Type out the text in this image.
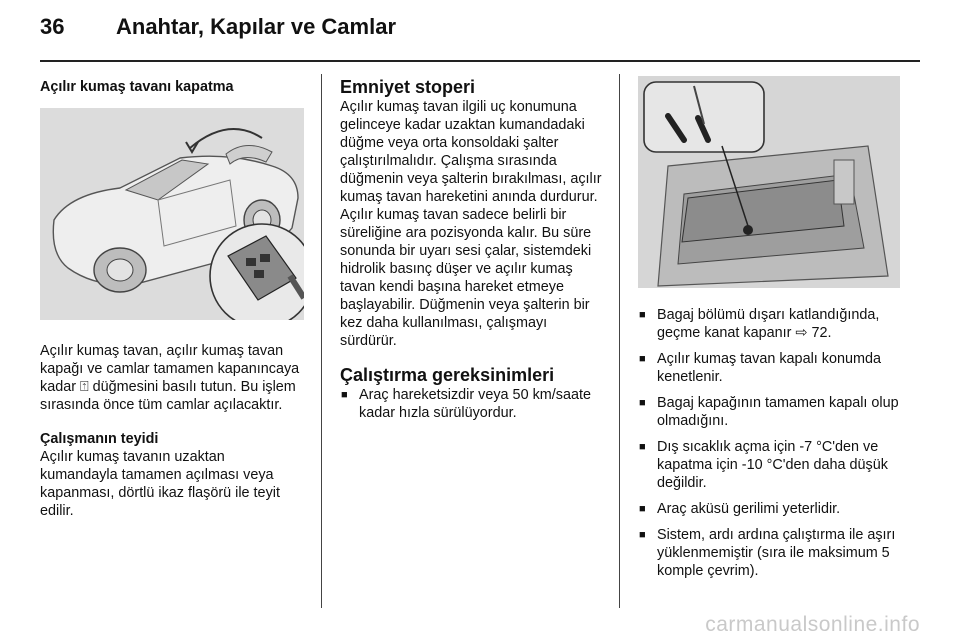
36 Anahtar, Kapılar ve Camlar

Açılır kumaş tavanı kapatma

Açılır kumaş tavan, açılır kumaş tavan kapağı ve camlar tamamen kapanıncaya kadar ⍐ düğmesini basılı tutun. Bu işlem sırasında önce tüm camlar açılacaktır.

Çalışmanın teyidi

Açılır kumaş tavanın uzaktan kumandayla tamamen açılması veya kapanması, dörtlü ikaz flaşörü ile teyit edilir.

Emniyet stoperi

Açılır kumaş tavan ilgili uç konumuna gelinceye kadar uzaktan kumandadaki düğme veya orta konsoldaki şalter çalıştırılmalıdır. Çalışma sırasında düğmenin veya şalterin bırakılması, açılır kumaş tavan hareketini anında durdurur. Açılır kumaş tavan sadece belirli bir süreliğine ara pozisyonda kalır. Bu süre sonunda bir uyarı sesi çalar, sistemdeki hidrolik basınç düşer ve açılır kumaş tavan kendi başına hareket etmeye başlayabilir. Düğmenin veya şalterin bir kez daha kullanılması, çalışmayı sürdürür.

Çalıştırma gereksinimleri

■ Araç hareketsizdir veya 50 km/saate kadar hızla sürülüyordur.
■ Bagaj bölümü dışarı katlandığında, geçme kanat kapanır ⇨ 72.
■ Açılır kumaş tavan kapalı konumda kenetlenir.
■ Bagaj kapağının tamamen kapalı olup olmadığını.
■ Dış sıcaklık açma için -7 °C'den ve kapatma için -10 °C'den daha düşük değildir.
■ Araç aküsü gerilimi yeterlidir.
■ Sistem, ardı ardına çalıştırma ile aşırı yüklenmemiştir (sıra ile maksimum 5 komple çevrim).
carmanualsonline.info
